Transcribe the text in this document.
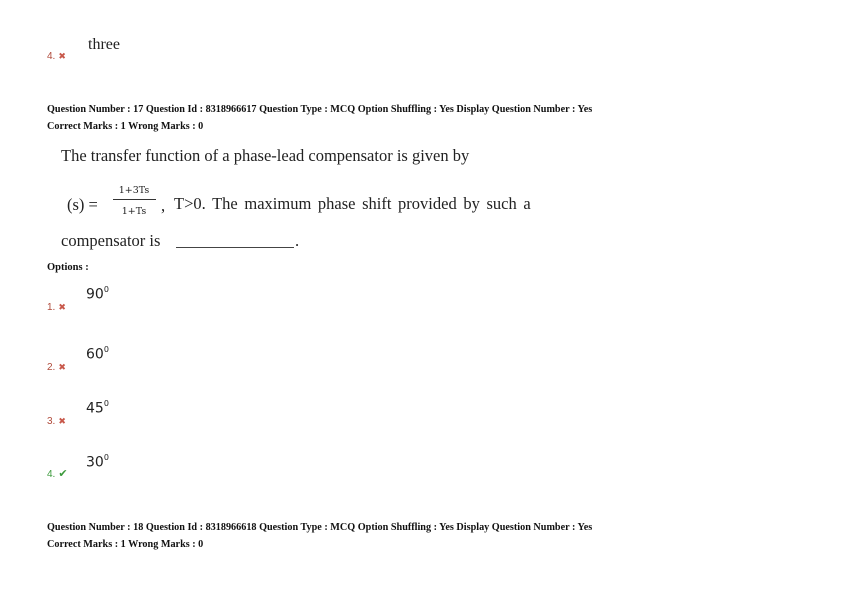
4. ✖
three
Question Number : 17 Question Id : 8318966617 Question Type : MCQ Option Shuffling : Yes Display Question Number : Yes
Correct Marks : 1 Wrong Marks : 0
The transfer function of a phase-lead compensator is given by
(s) =
1+3Ts
1+Ts , T>0. The maximum phase shift provided by such a
compensator is	.
Options :
1. ✖
$90^0$
2. ✖
$60^0$
3. ✖
$45^0$
4. ✔
$30^0$
Question Number : 18 Question Id : 8318966618 Question Type : MCQ Option Shuffling : Yes Display Question Number : Yes
Correct Marks : 1 Wrong Marks : 0
